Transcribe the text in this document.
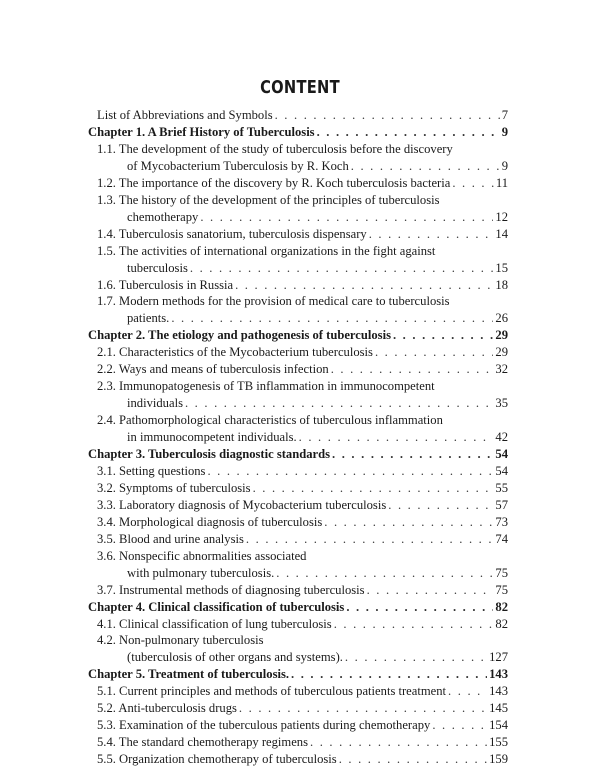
CONTENT
List of Abbreviations and Symbols . . .	7
Chapter 1. A Brief History of Tuberculosis . . .	9
1.1. The development of the study of tuberculosis before the discovery
of Mycobacterium Tuberculosis by R. Koch . . .	9
1.2. The importance of the discovery by R. Koch tuberculosis bacteria . . .	11
1.3. The history of the development of the principles of tuberculosis
chemotherapy . . .	12
1.4. Tuberculosis sanatorium, tuberculosis dispensary . . .	14
1.5. The activities of international organizations in the fight against
tuberculosis . . .	15
1.6. Tuberculosis in Russia . . .	18
1.7. Modern methods for the provision of medical care to tuberculosis
patients. . . .	26
Chapter 2. The etiology and pathogenesis of tuberculosis . . .	29
2.1. Characteristics of the Mycobacterium tuberculosis . . .	29
2.2. Ways and means of tuberculosis infection . . .	32
2.3. Immunopatogenesis of TB inflammation in immunocompetent
individuals . . .	35
2.4. Pathomorphological characteristics of tuberculous inflammation
in immunocompetent individuals. . . .	42
Chapter 3. Tuberculosis diagnostic standards . . .	54
3.1. Setting questions . . .	54
3.2. Symptoms of tuberculosis . . .	55
3.3. Laboratory diagnosis of Mycobacterium tuberculosis . . .	57
3.4. Morphological diagnosis of tuberculosis . . .	73
3.5. Blood and urine analysis . . .	74
3.6. Nonspecific abnormalities associated
with pulmonary tuberculosis. . . .	75
3.7. Instrumental methods of diagnosing tuberculosis . . .	75
Chapter 4. Clinical classification of tuberculosis . . .	82
4.1. Clinical classification of lung tuberculosis . . .	82
4.2. Non-pulmonary tuberculosis
(tuberculosis of other organs and systems). . . .	127
Chapter 5. Treatment of tuberculosis. . . .	143
5.1. Current principles and methods of tuberculous patients treatment . . .	143
5.2. Anti-tuberculosis drugs . . .	145
5.3. Examination of the tuberculous patients during chemotherapy . . .	154
5.4. The standard chemotherapy regimens . . .	155
5.5. Organization chemotherapy of tuberculosis . . .	159
